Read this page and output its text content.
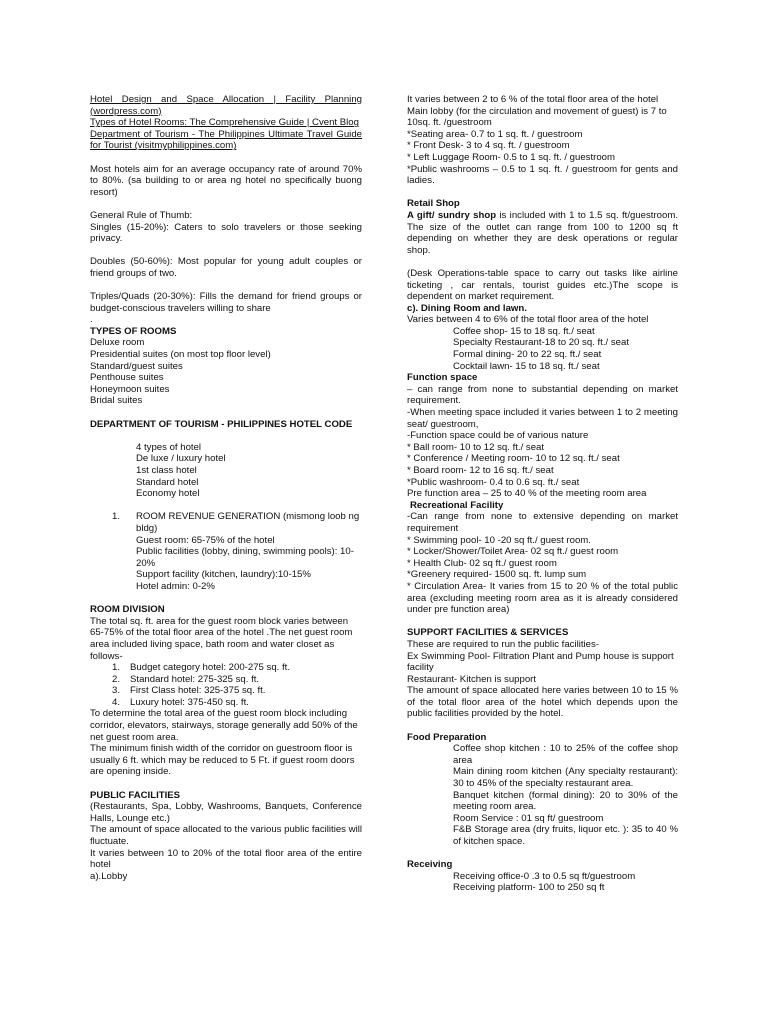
Hotel Design and Space Allocation | Facility Planning (wordpress.com)

Types of Hotel Rooms: The Comprehensive Guide | Cvent Blog

Department of Tourism - The Philippines Ultimate Travel Guide for Tourist (visitmyphilippines.com)

Most hotels aim for an average occupancy rate of around 70% to 80%. (sa building to or area ng hotel no specifically buong resort)

General Rule of Thumb:

Singles (15-20%): Caters to solo travelers or those seeking privacy.

Doubles (50-60%): Most popular for young adult couples or friend groups of two.

Triples/Quads (20-30%): Fills the demand for friend groups or budget-conscious travelers willing to share

.

TYPES OF ROOMS

Deluxe room

Presidential suites (on most top floor level)

Standard/guest suites

Penthouse suites

Honeymoon suites

Bridal suites

DEPARTMENT OF TOURISM - PHILIPPINES HOTEL CODE

4 types of hotel

De luxe / luxury hotel

1st class hotel

Standard hotel

Economy hotel

1. ROOM REVENUE GENERATION (mismong loob ng bldg)
Guest room: 65-75% of the hotel
Public facilities (lobby, dining, swimming pools): 10-20%
Support facility (kitchen, laundry):10-15%
Hotel admin: 0-2%

ROOM DIVISION

The total sq. ft. area for the guest room block varies between 65-75% of the total floor area of the hotel .The net guest room area included living space, bath room and water closet as follows-

1. Budget category hotel: 200-275 sq. ft.
2. Standard hotel: 275-325 sq. ft.
3. First Class hotel: 325-375 sq. ft.
4. Luxury hotel: 375-450 sq. ft.

To determine the total area of the guest room block including corridor, elevators, stairways, storage generally add 50% of the net guest room area.

The minimum finish width of the corridor on guestroom floor is usually 6 ft. which may be reduced to 5 Ft. if guest room doors are opening inside.

PUBLIC FACILITIES

(Restaurants, Spa, Lobby, Washrooms, Banquets, Conference Halls, Lounge etc.)

The amount of space allocated to the various public facilities will fluctuate.

It varies between 10 to 20% of the total floor area of the entire hotel

a).Lobby

It varies between 2 to 6 % of the total floor area of the hotel Main lobby (for the circulation and movement of guest) is 7 to 10sq. ft. /guestroom

*Seating area- 0.7 to 1 sq. ft. / guestroom

* Front Desk- 3 to 4 sq. ft. / guestroom

* Left Luggage Room- 0.5 to 1 sq. ft. / guestroom

*Public washrooms – 0.5 to 1 sq. ft. / guestroom for gents and ladies.

Retail Shop

A gift/ sundry shop is included with 1 to 1.5 sq. ft/guestroom. The size of the outlet can range from 100 to 1200 sq ft depending on whether they are desk operations or regular shop.

(Desk Operations-table space to carry out tasks like airline ticketing , car rentals, tourist guides etc.)The scope is dependent on market requirement.

c). Dining Room and lawn.

Varies between 4 to 6% of the total floor area of the hotel

Coffee shop- 15 to 18 sq. ft./ seat

Specialty Restaurant-18 to 20 sq. ft./ seat

Formal dining- 20 to 22 sq. ft./ seat

Cocktail lawn- 15 to 18 sq. ft./ seat

Function space

– can range from none to substantial depending on market requirement.

-When meeting space included it varies between 1 to 2 meeting seat/ guestroom,

-Function space could be of various nature

* Ball room- 10 to 12 sq. ft./ seat

* Conference / Meeting room- 10 to 12 sq. ft./ seat

* Board room- 12 to 16 sq. ft./ seat

*Public washroom- 0.4 to 0.6 sq. ft./ seat

Pre function area – 25 to 40 % of the meeting room area

Recreational Facility

-Can range from none to extensive depending on market requirement

* Swimming pool- 10 -20 sq ft./ guest room.

* Locker/Shower/Toilet Area- 02 sq ft./ guest room

* Health Club- 02 sq ft./ guest room

*Greenery required- 1500 sq. ft. lump sum

* Circulation Area- It varies from 15 to 20 % of the total public area (excluding meeting room area as it is already considered under pre function area)

SUPPORT FACILITIES & SERVICES

These are required to run the public facilities-

Ex Swimming Pool- Filtration Plant and Pump house is support facility

Restaurant- Kitchen is support

The amount of space allocated here varies between 10 to 15 % of the total floor area of the hotel which depends upon the public facilities provided by the hotel.

Food Preparation

Coffee shop kitchen : 10 to 25% of the coffee shop area

Main dining room kitchen (Any specialty restaurant): 30 to 45% of the specialty restaurant area.

Banquet kitchen (formal dining): 20 to 30% of the meeting room area.

Room Service : 01 sq ft/ guestroom

F&B Storage area (dry fruits, liquor etc. ): 35 to 40 % of kitchen space.

Receiving

Receiving office-0 .3 to 0.5 sq ft/guestroom

Receiving platform- 100 to 250 sq ft
